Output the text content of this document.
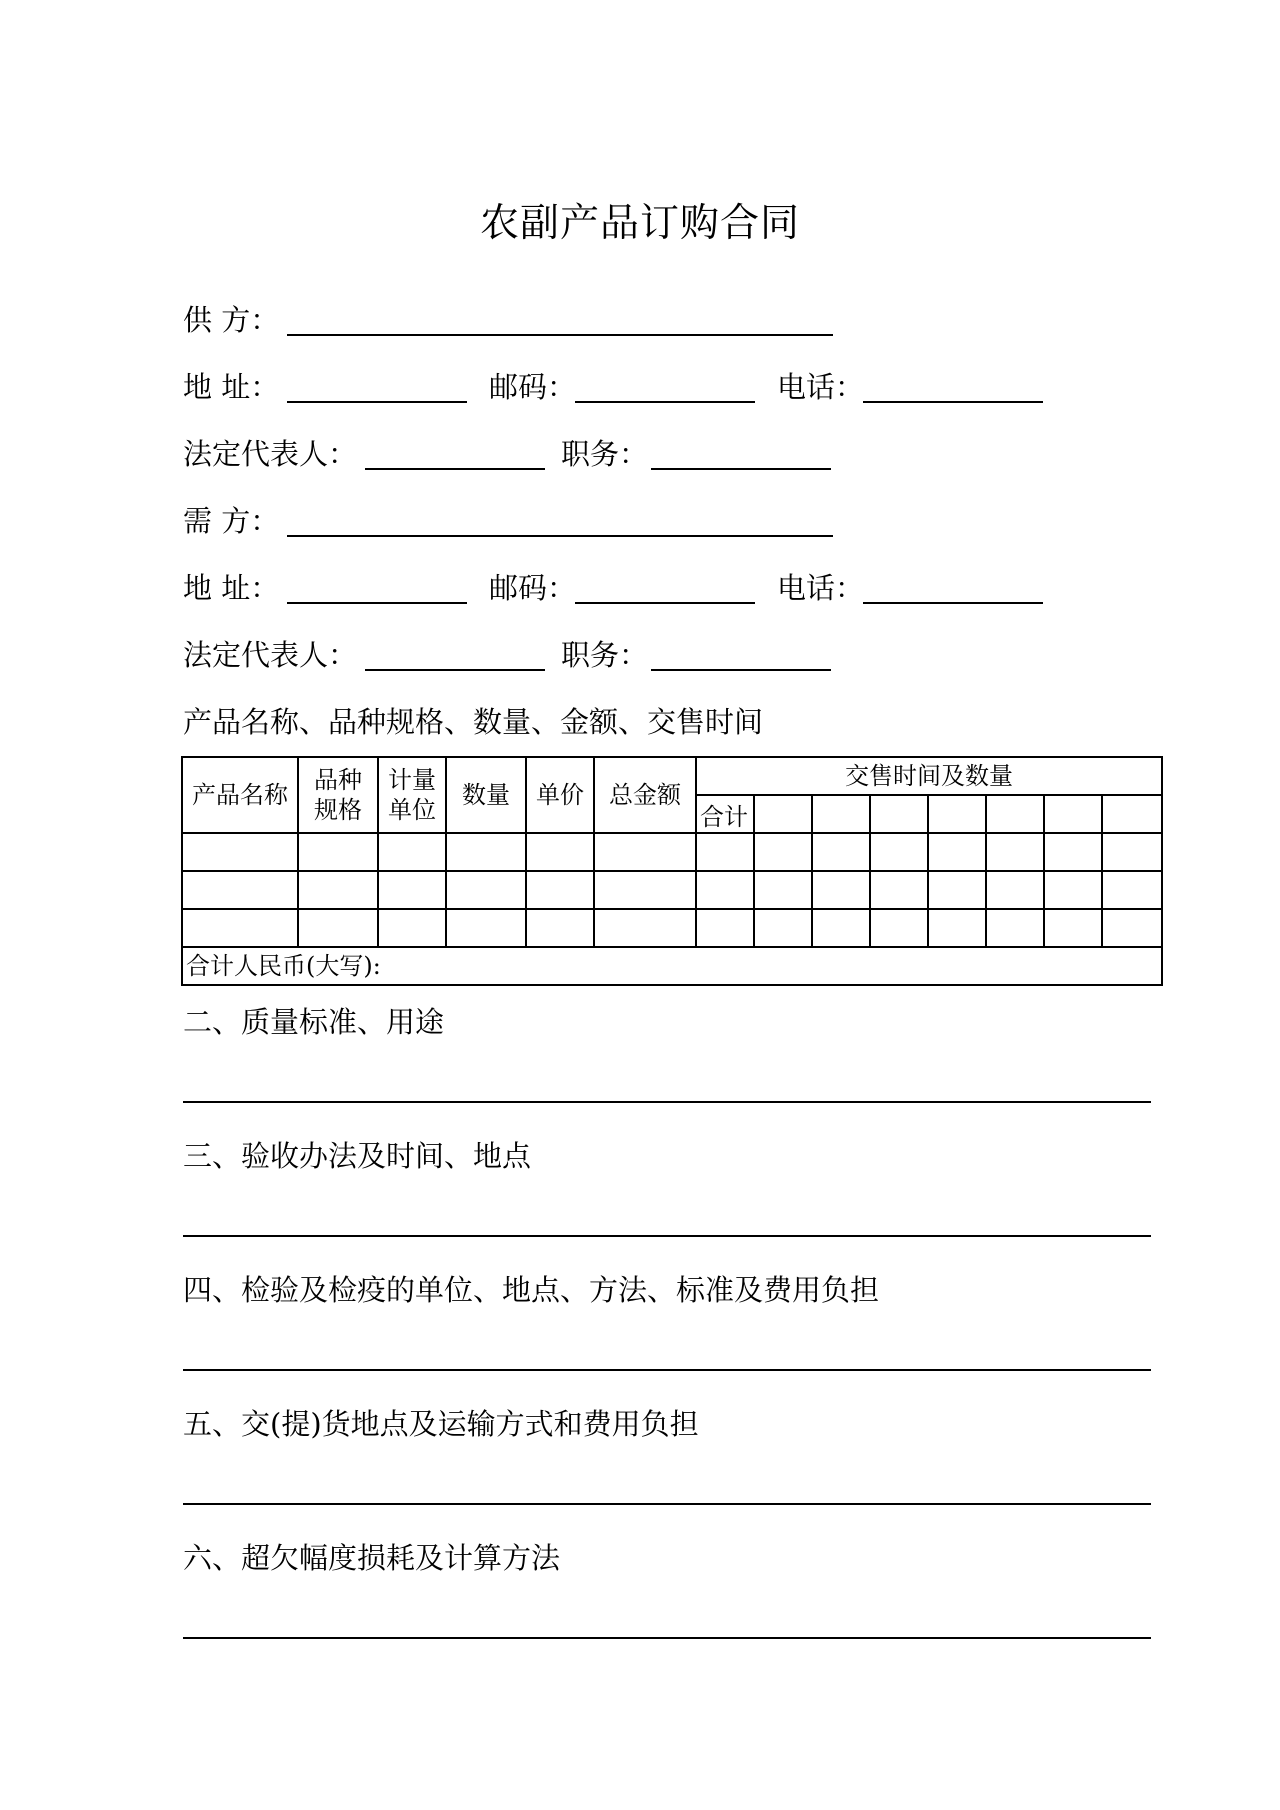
农副产品订购合同
供 方：
地 址：	邮码：	电话：
法定代表人：	职务：
需 方：
地 址：	邮码：	电话：
法定代表人：	职务：
产品名称、品种规格、数量、金额、交售时间
产品名称	品种规格	计量单位	数量	单价	总金额	交售时间及数量							
						合计							

合计人民币(大写):													
二、质量标准、用途
三、验收办法及时间、地点
四、检验及检疫的单位、地点、方法、标准及费用负担
五、交(提)货地点及运输方式和费用负担
六、超欠幅度损耗及计算方法
